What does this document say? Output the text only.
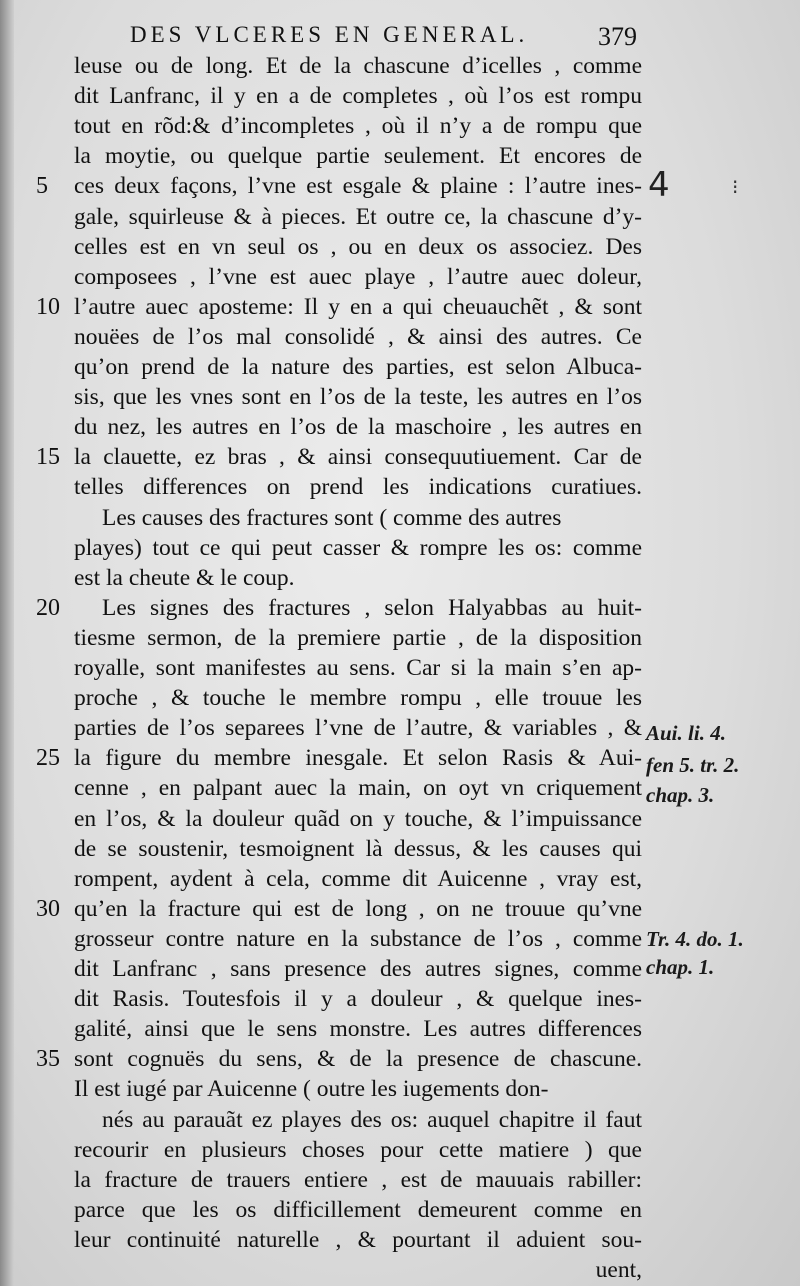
DES VLCERES EN GENERAL.	379
leuse ou de long. Et de la chascune d’icelles , comme
dit Lanfranc, il y en a de completes , où l’os est rompu
tout en rõd:& d’incompletes , où il n’y a de rompu que
la moytie, ou quelque partie seulement. Et encores de
ces deux façons, l’vne est esgale & plaine : l’autre ines-
5
gale, squirleuse & à pieces. Et outre ce, la chascune d’y-
celles est en vn seul os , ou en deux os associez. Des
composees , l’vne est auec playe , l’autre auec doleur,
l’autre auec aposteme: Il y en a qui cheuauchẽt , & sont
10
nouëes de l’os mal consolidé , & ainsi des autres. Ce
qu’on prend de la nature des parties, est selon Albuca-
sis, que les vnes sont en l’os de la teste, les autres en l’os
du nez, les autres en l’os de la maschoire , les autres en
la clauette, ez bras , & ainsi consequutiuement. Car de
15
telles differences on prend les indications curatiues.
Les causes des fractures sont ( comme des autres
playes) tout ce qui peut casser & rompre les os: comme
est la cheute & le coup.
Les signes des fractures , selon Halyabbas au huit-
20
tiesme sermon, de la premiere partie , de la disposition
royalle, sont manifestes au sens. Car si la main s’en ap-
proche , & touche le membre rompu , elle trouue les
parties de l’os separees l’vne de l’autre, & variables , &
la figure du membre inesgale. Et selon Rasis & Aui-
25
cenne , en palpant auec la main, on oyt vn criquement
en l’os, & la douleur quãd on y touche, & l’impuissance
de se soustenir, tesmoignent là dessus, & les causes qui
rompent, aydent à cela, comme dit Auicenne , vray est,
qu’en la fracture qui est de long , on ne trouue qu’vne
30
grosseur contre nature en la substance de l’os , comme
dit Lanfranc , sans presence des autres signes, comme
dit Rasis. Toutesfois il y a douleur , & quelque ines-
galité, ainsi que le sens monstre. Les autres differences
sont cognuës du sens, & de la presence de chascune.
35
Il est iugé par Auicenne ( outre les iugements don-
nés au parauãt ez playes des os: auquel chapitre il faut
recourir en plusieurs choses pour cette matiere ) que
la fracture de trauers entiere , est de mauuais rabiller:
parce que les os difficillement demeurent comme en
leur continuité naturelle , & pourtant il aduient sou-
uent,
4	⁝
Aui. li. 4.
fen 5. tr. 2.
chap. 3.
Tr. 4. do. 1.
chap. 1.
